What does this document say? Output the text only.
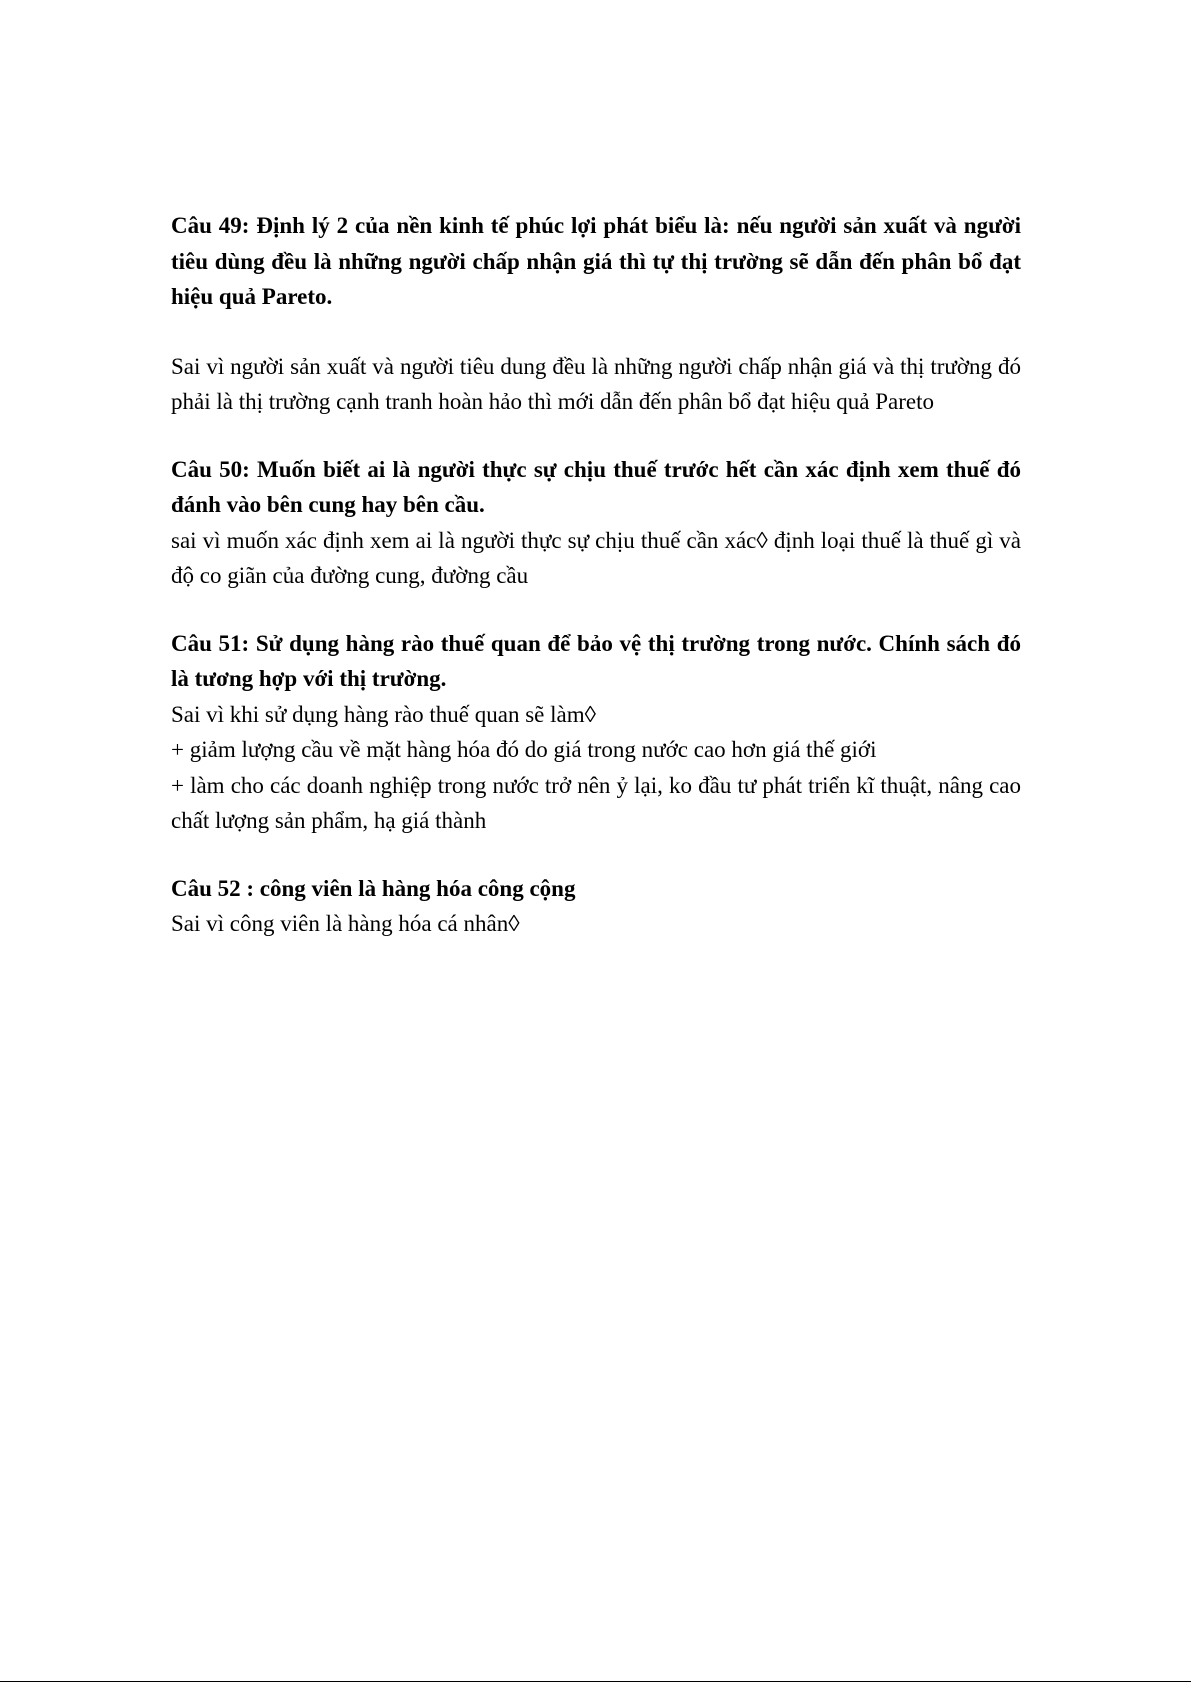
Câu 49: Định lý 2 của nền kinh tế phúc lợi phát biểu là: nếu người sản xuất và người tiêu dùng đều là những người chấp nhận giá thì tự thị trường sẽ dẫn đến phân bổ đạt hiệu quả Pareto.

Sai vì người sản xuất và người tiêu dung đều là những người chấp nhận giá và thị trường đó phải là thị trường cạnh tranh hoàn hảo thì mới dẫn đến phân bổ đạt hiệu quả Pareto

Câu 50: Muốn biết ai là người thực sự chịu thuế trước hết cần xác định xem thuế đó đánh vào bên cung hay bên cầu.

sai vì muốn xác định xem ai là người thực sự chịu thuế cần xác◊ định loại thuế là thuế gì và độ co giãn của đường cung, đường cầu

Câu 51: Sử dụng hàng rào thuế quan để bảo vệ thị trường trong nước. Chính sách đó là tương hợp với thị trường.

Sai vì khi sử dụng hàng rào thuế quan sẽ làm◊

+ giảm lượng cầu về mặt hàng hóa đó do giá trong nước cao hơn giá thế giới

+ làm cho các doanh nghiệp trong nước trở nên ỷ lại, ko đầu tư phát triển kĩ thuật, nâng cao chất lượng sản phẩm, hạ giá thành

Câu 52 : công viên là hàng hóa công cộng

Sai vì công viên là hàng hóa cá nhân◊
